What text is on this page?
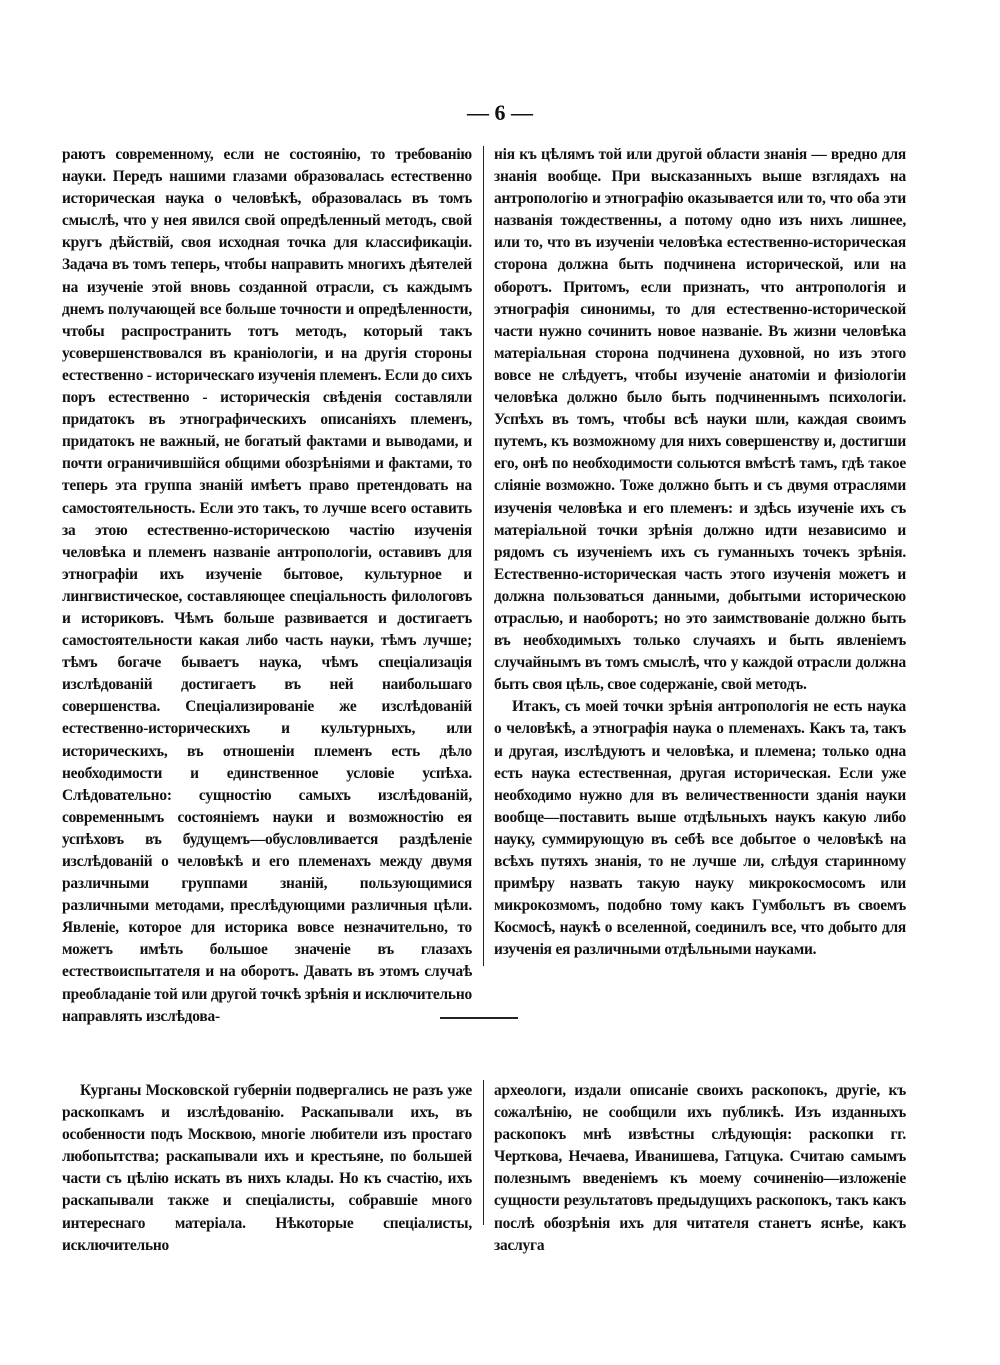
— 6 —

раютъ современному, если не состоянію, то требованію науки. Передъ нашими глазами образовалась естественно историческая наука о человѣкѣ, образовалась въ томъ смыслѣ, что у нея явился свой опредѣленный методъ, свой кругъ дѣйствій, своя исходная точка для классификаціи. Задача въ томъ теперь, чтобы направить многихъ дѣятелей на изученіе этой вновь созданной отрасли, съ каждымъ днемъ получающей все больше точности и опредѣленности, чтобы распространить тотъ методъ, который такъ усовершенствовался въ краніологіи, и на другія стороны естественно - историческаго изученія племенъ. Если до сихъ поръ естественно - историческія свѣденія составляли придатокъ въ этнографическихъ описаніяхъ племенъ, придатокъ не важный, не богатый фактами и выводами, и почти ограничившійся общими обозрѣніями и фактами, то теперь эта группа знаній имѣетъ право претендовать на самостоятельность. Если это такъ, то лучше всего оставить за этою естественно-историческою частію изученія человѣка и племенъ названіе антропологіи, оставивъ для этнографіи ихъ изученіе бытовое, культурное и лингвистическое, составляющее спеціальность филологовъ и историковъ. Чѣмъ больше развивается и достигаетъ самостоятельности какая либо часть науки, тѣмъ лучше; тѣмъ богаче бываетъ наука, чѣмъ спеціализація изслѣдованій достигаетъ въ ней наибольшаго совершенства. Спеціализированіе же изслѣдованій естественно-историческихъ и культурныхъ, или историческихъ, въ отношеніи племенъ есть дѣло необходимости и единственное условіе успѣха. Слѣдовательно: сущностію самыхъ изслѣдованій, современнымъ состояніемъ науки и возможностію ея успѣховъ въ будущемъ—обусловливается раздѣленіе изслѣдованій о человѣкѣ и его племенахъ между двумя различными группами знаній, пользующимися различными методами, преслѣдующими различныя цѣли. Явленіе, которое для историка вовсе незначительно, то можетъ имѣть большое значеніе въ глазахъ естествоиспытателя и на оборотъ. Давать въ этомъ случаѣ преобладаніе той или другой точкѣ зрѣнія и исключительно направлять изслѣдова-

нія къ цѣлямъ той или другой области знанія — вредно для знанія вообще. При высказанныхъ выше взглядахъ на антропологію и этнографію оказывается или то, что оба эти названія тождественны, а потому одно изъ нихъ лишнее, или то, что въ изученіи человѣка естественно-историческая сторона должна быть подчинена исторической, или на оборотъ. Притомъ, если признать, что антропологія и этнографія синонимы, то для естественно-исторической части нужно сочинить новое названіе. Въ жизни человѣка матеріальная сторона подчинена духовной, но изъ этого вовсе не слѣдуетъ, чтобы изученіе анатоміи и физіологіи человѣка должно было быть подчиненнымъ психологіи. Успѣхъ въ томъ, чтобы всѣ науки шли, каждая своимъ путемъ, къ возможному для нихъ совершенству и, достигши его, онѣ по необходимости сольются вмѣстѣ тамъ, гдѣ такое сліяніе возможно. Тоже должно быть и съ двумя отраслями изученія человѣка и его племенъ: и здѣсь изученіе ихъ съ матеріальной точки зрѣнія должно идти независимо и рядомъ съ изученіемъ ихъ съ гуманныхъ точекъ зрѣнія. Естественно-историческая часть этого изученія можетъ и должна пользоваться данными, добытыми историческою отраслью, и наоборотъ; но это заимствованіе должно быть въ необходимыхъ только случаяхъ и быть явленіемъ случайнымъ въ томъ смыслѣ, что у каждой отрасли должна быть своя цѣль, свое содержаніе, свой методъ.

Итакъ, съ моей точки зрѣнія антропологія не есть наука о человѣкѣ, а этнографія наука о племенахъ. Какъ та, такъ и другая, изслѣдуютъ и человѣка, и племена; только одна есть наука естественная, другая историческая. Если уже необходимо нужно для въ величественности зданія науки вообще—поставить выше отдѣльныхъ наукъ какую либо науку, суммирующую въ себѣ все добытое о человѣкѣ на всѣхъ путяхъ знанія, то не лучше ли, слѣдуя старинному примѣру назвать такую науку микрокосмосомъ или микрокозмомъ, подобно тому какъ Гумбольтъ въ своемъ Космосѣ, наукѣ о вселенной, соединилъ все, что добыто для изученія ея различными отдѣльными науками.

Курганы Московской губерніи подвергались не разъ уже раскопкамъ и изслѣдованію. Раскапывали ихъ, въ особенности подъ Москвою, многіе любители изъ простаго любопытства; раскапывали ихъ и крестьяне, по большей части съ цѣлію искать въ нихъ клады. Но къ счастію, ихъ раскапывали также и спеціалисты, собравшіе много интереснаго матеріала. Нѣкоторые спеціалисты, исключительно

археологи, издали описаніе своихъ раскопокъ, другіе, къ сожалѣнію, не сообщили ихъ публикѣ. Изъ изданныхъ раскопокъ мнѣ извѣстны слѣдующія: раскопки гг. Черткова, Нечаева, Иванишева, Гатцука. Считаю самымъ полезнымъ введеніемъ къ моему сочиненію—изложеніе сущности результатовъ предыдущихъ раскопокъ, такъ какъ послѣ обозрѣнія ихъ для читателя станетъ яснѣе, какъ заслуга
